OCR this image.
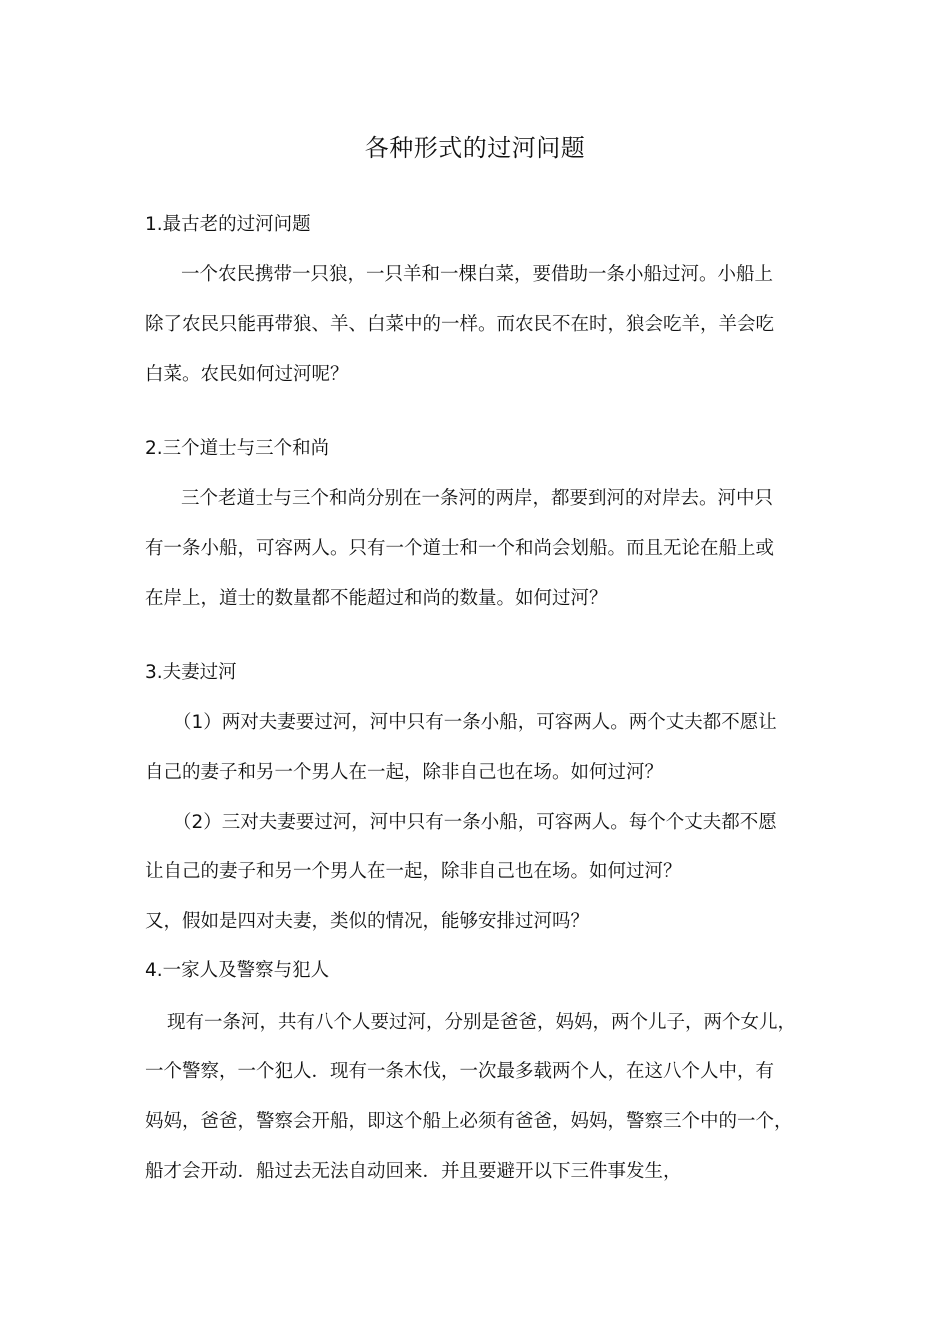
各种形式的过河问题
1.最古老的过河问题
一个农民携带一只狼，一只羊和一棵白菜，要借助一条小船过河。小船上
除了农民只能再带狼、羊、白菜中的一样。而农民不在时，狼会吃羊，羊会吃
白菜。农民如何过河呢？
2.三个道士与三个和尚
三个老道士与三个和尚分别在一条河的两岸，都要到河的对岸去。河中只
有一条小船，可容两人。只有一个道士和一个和尚会划船。而且无论在船上或
在岸上，道士的数量都不能超过和尚的数量。如何过河？
3.夫妻过河
（1）两对夫妻要过河，河中只有一条小船，可容两人。两个丈夫都不愿让
自己的妻子和另一个男人在一起，除非自己也在场。如何过河？
（2）三对夫妻要过河，河中只有一条小船，可容两人。每个个丈夫都不愿
让自己的妻子和另一个男人在一起，除非自己也在场。如何过河？
又，假如是四对夫妻，类似的情况，能够安排过河吗？
4.一家人及警察与犯人
现有一条河，共有八个人要过河，分别是爸爸，妈妈，两个儿子，两个女儿，
一个警察，一个犯人．现有一条木伐，一次最多载两个人，在这八个人中，有
妈妈，爸爸，警察会开船，即这个船上必须有爸爸，妈妈，警察三个中的一个，
船才会开动．船过去无法自动回来．并且要避开以下三件事发生，
